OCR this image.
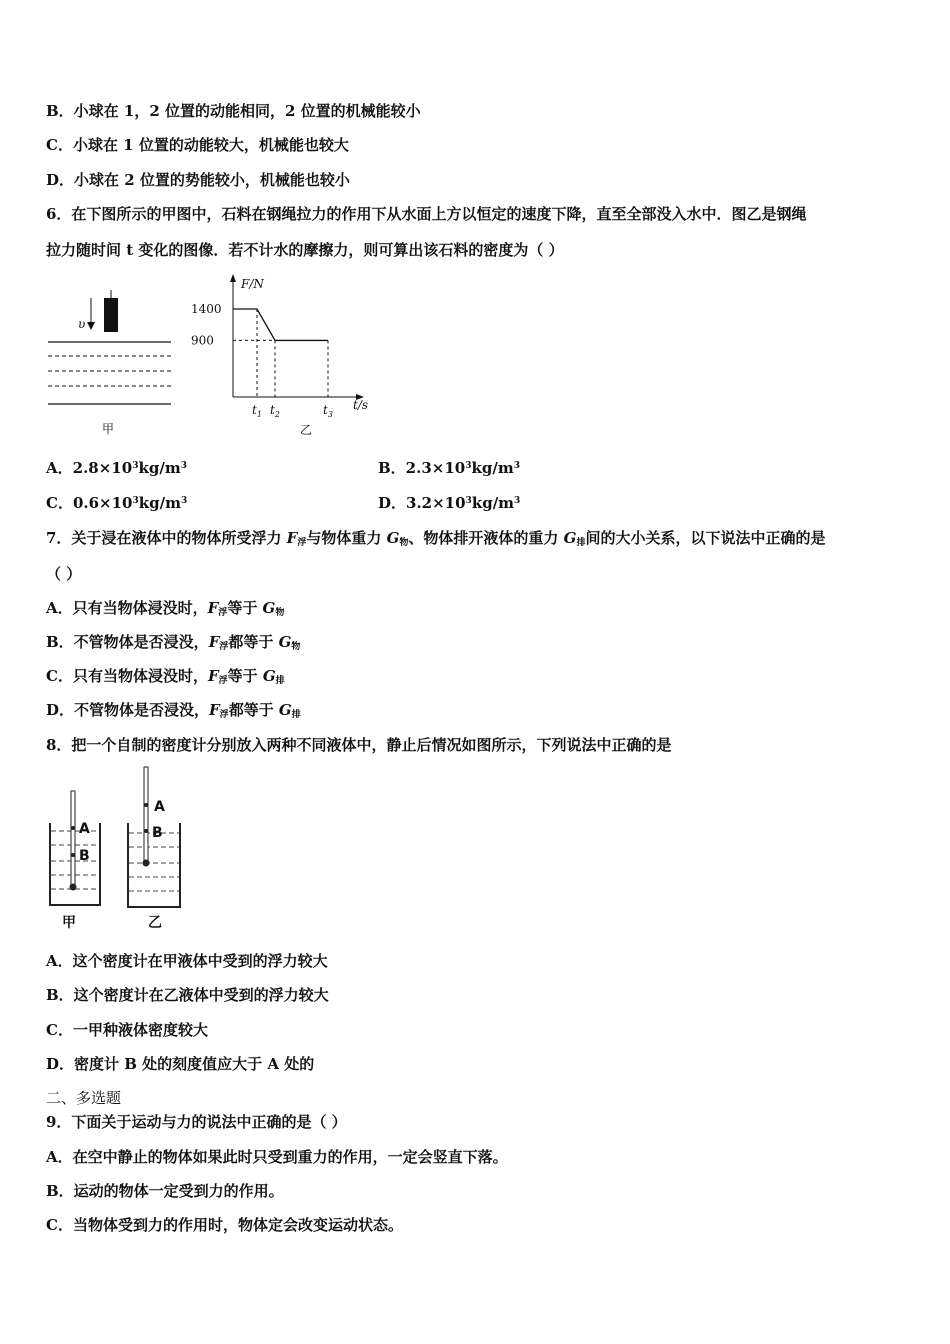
B．小球在 1，2 位置的动能相同，2 位置的机械能较小
C．小球在 1 位置的动能较大，机械能也较大
D．小球在 2 位置的势能较小，机械能也较小
6．在下图所示的甲图中，石料在钢绳拉力的作用下从水面上方以恒定的速度下降，直至全部没入水中．图乙是钢绳
拉力随时间 t 变化的图像．若不计水的摩擦力，则可算出该石料的密度为（ ）
υ
甲
F/N
t/s
1400
900
$t_1$ $t_2$	$t_3$
乙
A．$2.8\times 10^3kg/m^3$	B．$2.3\times 10^3kg/m^3$
C．$0.6\times 10^3kg/m^3$	D．$3.2\times 10^3kg/m^3$
7．关于浸在液体中的物体所受浮力 $F_浮$与物体重力 $G_物$、物体排开液体的重力 $G_排$间的大小关系，以下说法中正确的是
（ ）
A．只有当物体浸没时，$F_浮$等于 $G_物$
B．不管物体是否浸没，$F_浮$都等于 $G_物$
C．只有当物体浸没时，$F_浮$等于 $G_排$
D．不管物体是否浸没，$F_浮$都等于 $G_排$
8．把一个自制的密度计分别放入两种不同液体中，静止后情况如图所示，下列说法中正确的是
A
B
甲
A
B
乙
A．这个密度计在甲液体中受到的浮力较大
B．这个密度计在乙液体中受到的浮力较大
C．一甲种液体密度较大
D．密度计 B 处的刻度值应大于 A 处的
二、多选题
9．下面关于运动与力的说法中正确的是（ ）
A．在空中静止的物体如果此时只受到重力的作用，一定会竖直下落。
B．运动的物体一定受到力的作用。
C．当物体受到力的作用时，物体定会改变运动状态。
